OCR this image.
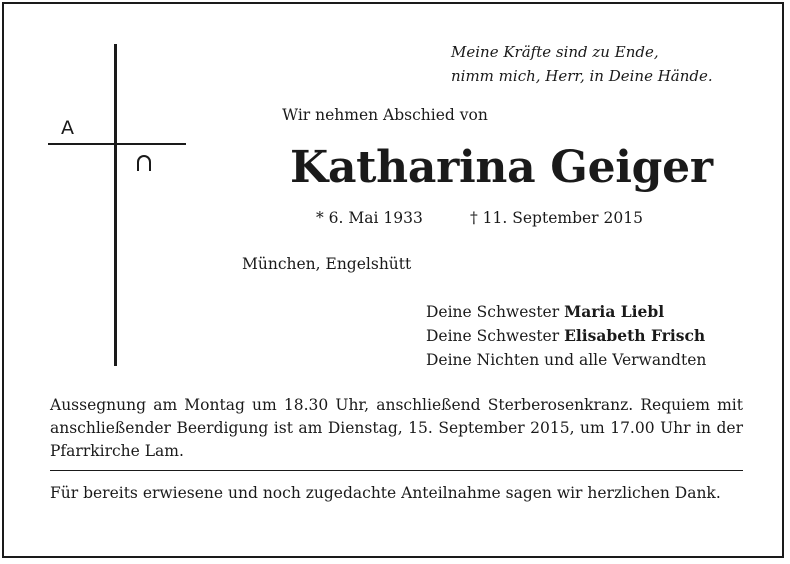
A
Meine Kräfte sind zu Ende,
nimm mich, Herr, in Deine Hände.
Wir nehmen Abschied von
Katharina Geiger
* 6. Mai 1933	† 11. September 2015
München, Engelshütt
Deine Schwester Maria Liebl
Deine Schwester Elisabeth Frisch
Deine Nichten und alle Verwandten
Aussegnung am Montag um 18.30 Uhr, anschließend Sterberosenkranz. Requiem mit anschließender Beerdigung ist am Dienstag, 15. September 2015, um 17.00 Uhr in der Pfarrkirche Lam.
Für bereits erwiesene und noch zugedachte Anteilnahme sagen wir herzlichen Dank.
